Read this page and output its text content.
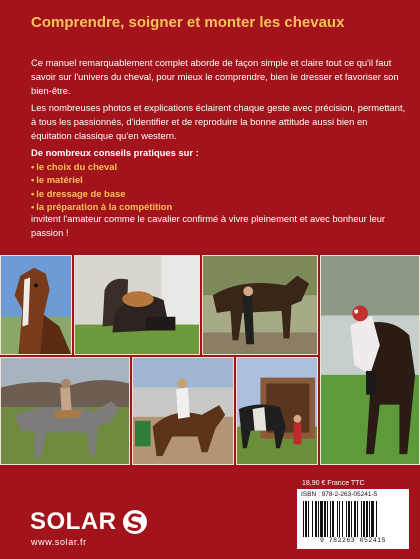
Comprendre, soigner et monter les chevaux

Ce manuel remarquablement complet aborde de façon simple et claire tout ce qu'il faut savoir sur l'univers du cheval, pour mieux le comprendre, bien le dresser et favoriser son bien-être.

Les nombreuses photos et explications éclairent chaque geste avec précision, permettant, à tous les passionnés, d'identifier et de reproduire la bonne attitude aussi bien en équitation classique qu'en western.

De nombreux conseils pratiques sur :
• le choix du cheval
• le matériel
• le dressage de base
• la préparation à la compétition

invitent l'amateur comme le cavalier confirmé à vivre pleinement et avec bonheur leur passion !

18,90 € France TTC
ISBN : 978-2-263-05241-5
9 782263 052415
SOLAR
www.solar.fr
